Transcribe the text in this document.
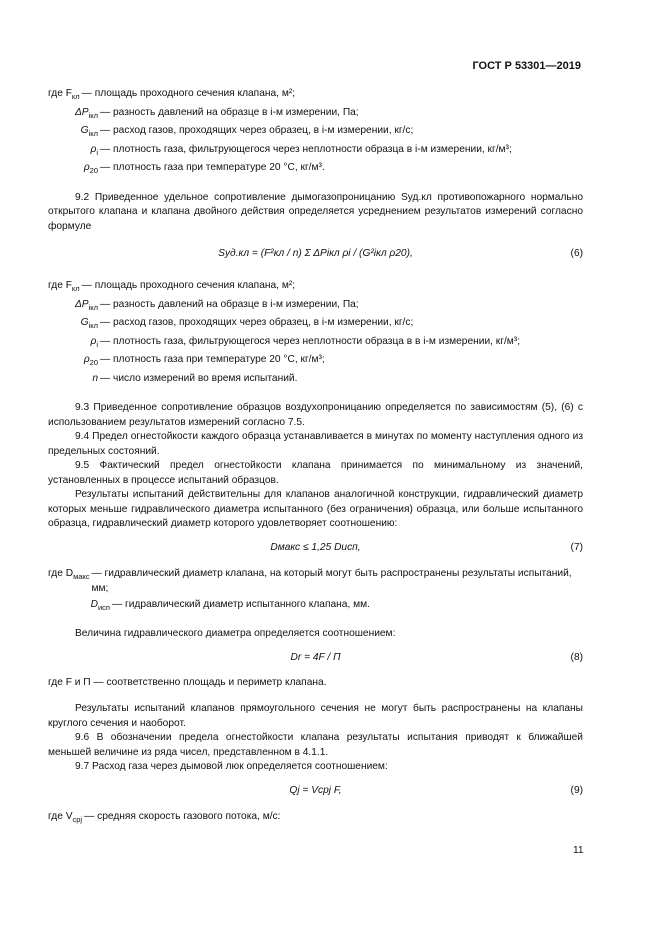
ГОСТ Р 53301—2019
где $F_{кл}$ — площадь проходного сечения клапана, м²;
$\Delta P_{iкл}$ — разность давлений на образце в i-м измерении, Па;
$G_{iкл}$ — расход газов, проходящих через образец, в i-м измерении, кг/с;
$\rho_i$ — плотность газа, фильтрующегося через неплотности образца в i-м измерении, кг/м³;
$\rho_{20}$ — плотность газа при температуре 20 °С, кг/м³.

9.2 Приведенное удельное сопротивление дымогазопроницанию Sуд.кл противопожарного нормально открытого клапана и клапана двойного действия определяется усреднением результатов измерений согласно формуле

Sуд.кл = (F²кл / n) Σ ΔPiкл ρi / (G²iкл ρ20),	(6)
где $F_{кл}$ — площадь проходного сечения клапана, м²;
$\Delta P_{iкл}$ — разность давлений на образце в i-м измерении, Па;
$G_{iкл}$ — расход газов, проходящих через образец, в i-м измерении, кг/с;
$\rho_i$ — плотность газа, фильтрующегося через неплотности образца в в i-м измерении, кг/м³;
$\rho_{20}$ — плотность газа при температуре 20 °С, кг/м³;
n — число измерений во время испытаний.

9.3 Приведенное сопротивление образцов воздухопроницанию определяется по зависимостям (5), (6) с использованием результатов измерений согласно 7.5.

9.4 Предел огнестойкости каждого образца устанавливается в минутах по моменту наступления одного из предельных состояний.

9.5 Фактический предел огнестойкости клапана принимается по минимальному из значений, установленных в процессе испытаний образцов.

Результаты испытаний действительны для клапанов аналогичной конструкции, гидравлический диаметр которых меньше гидравлического диаметра испытанного (без ограничения) образца, или больше испытанного образца, гидравлический диаметр которого удовлетворяет соотношению:

Dмакс ≤ 1,25 Dисп,	(7)
где $D_{макс}$ — гидравлический диаметр клапана, на который могут быть распространены результаты испытаний, мм;
$D_{исп}$ — гидравлический диаметр испытанного клапана, мм.

Величина гидравлического диаметра определяется соотношением:

Dr = 4F / П	(8)

где F и П — соответственно площадь и периметр клапана.

Результаты испытаний клапанов прямоугольного сечения не могут быть распространены на клапаны круглого сечения и наоборот.

9.6 В обозначении предела огнестойкости клапана результаты испытания приводят к ближайшей меньшей величине из ряда чисел, представленном в 4.1.1.

9.7 Расход газа через дымовой люк определяется соотношением:

Qj = Vсрj F,	(9)
где $V_{срj}$ — средняя скорость газового потока, м/с:
11
